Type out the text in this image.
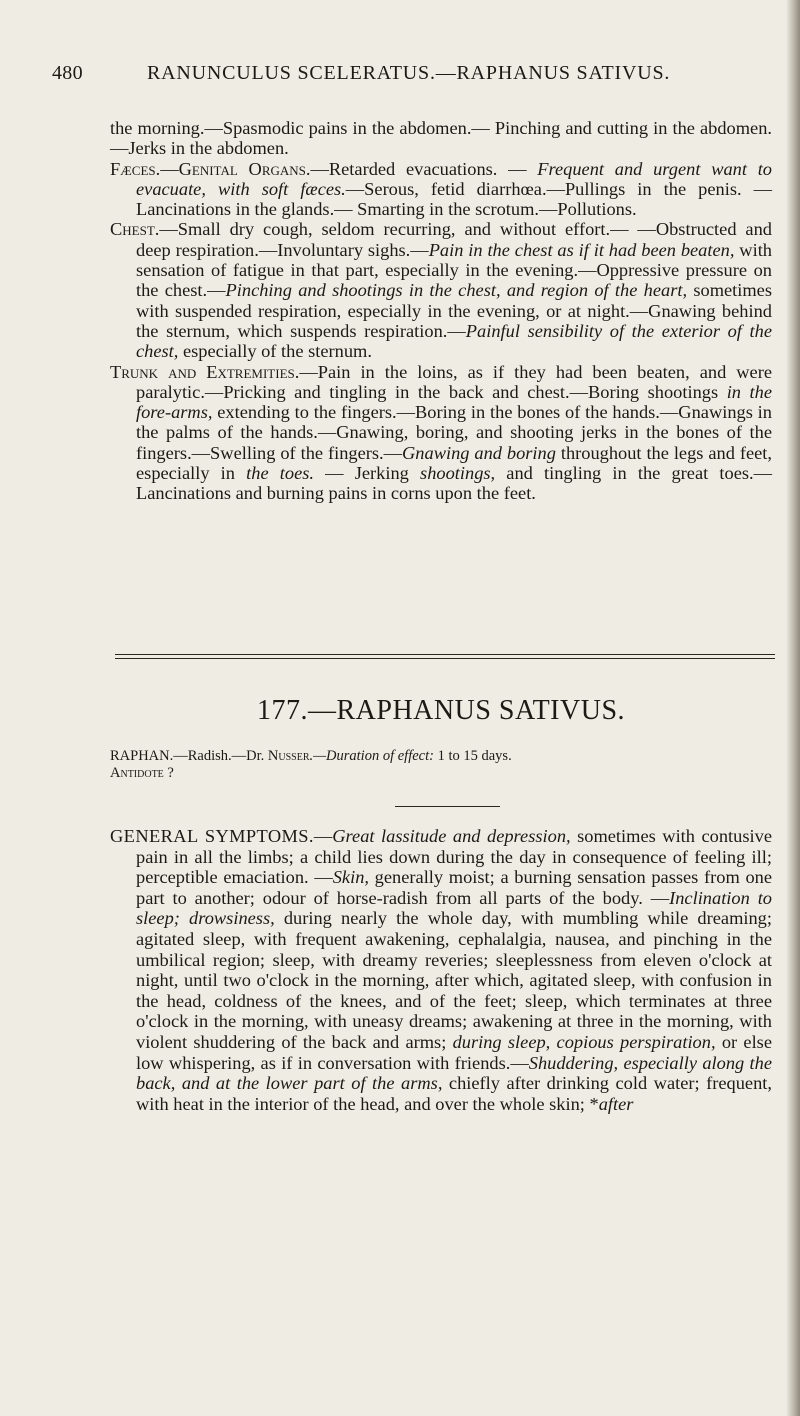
480	RANUNCULUS SCELERATUS.—RAPHANUS SATIVUS.

the morning.—Spasmodic pains in the abdomen.— Pinching and cutting in the abdomen.—Jerks in the abdomen.

Fæces.—Genital Organs.—Retarded evacuations. — Frequent and urgent want to evacuate, with soft fæces.—Serous, fetid diarrhœa.—Pullings in the penis. —Lancinations in the glands.— Smarting in the scrotum.—Pollutions.

Chest.—Small dry cough, seldom recurring, and without effort.— —Obstructed and deep respiration.—Involuntary sighs.—Pain in the chest as if it had been beaten, with sensation of fatigue in that part, especially in the evening.—Oppressive pressure on the chest.—Pinching and shootings in the chest, and region of the heart, sometimes with suspended respiration, especially in the evening, or at night.—Gnawing behind the sternum, which suspends respiration.—Painful sensibility of the exterior of the chest, especially of the sternum.

Trunk and Extremities.—Pain in the loins, as if they had been beaten, and were paralytic.—Pricking and tingling in the back and chest.—Boring shootings in the fore-arms, extending to the fingers.—Boring in the bones of the hands.—Gnawings in the palms of the hands.—Gnawing, boring, and shooting jerks in the bones of the fingers.—Swelling of the fingers.—Gnawing and boring throughout the legs and feet, especially in the toes. — Jerking shootings, and tingling in the great toes.—Lancinations and burning pains in corns upon the feet.

177.—RAPHANUS SATIVUS.
RAPHAN.—Radish.—Dr. Nusser.—Duration of effect: 1 to 15 days.
Antidote ?
GENERAL SYMPTOMS.—Great lassitude and depression, sometimes with contusive pain in all the limbs; a child lies down during the day in consequence of feeling ill; perceptible emaciation. —Skin, generally moist; a burning sensation passes from one part to another; odour of horse-radish from all parts of the body. —Inclination to sleep; drowsiness, during nearly the whole day, with mumbling while dreaming; agitated sleep, with frequent awakening, cephalalgia, nausea, and pinching in the umbilical region; sleep, with dreamy reveries; sleeplessness from eleven o'clock at night, until two o'clock in the morning, after which, agitated sleep, with confusion in the head, coldness of the knees, and of the feet; sleep, which terminates at three o'clock in the morning, with uneasy dreams; awakening at three in the morning, with violent shuddering of the back and arms; during sleep, copious perspiration, or else low whispering, as if in conversation with friends.—Shuddering, especially along the back, and at the lower part of the arms, chiefly after drinking cold water; frequent, with heat in the interior of the head, and over the whole skin; *after
